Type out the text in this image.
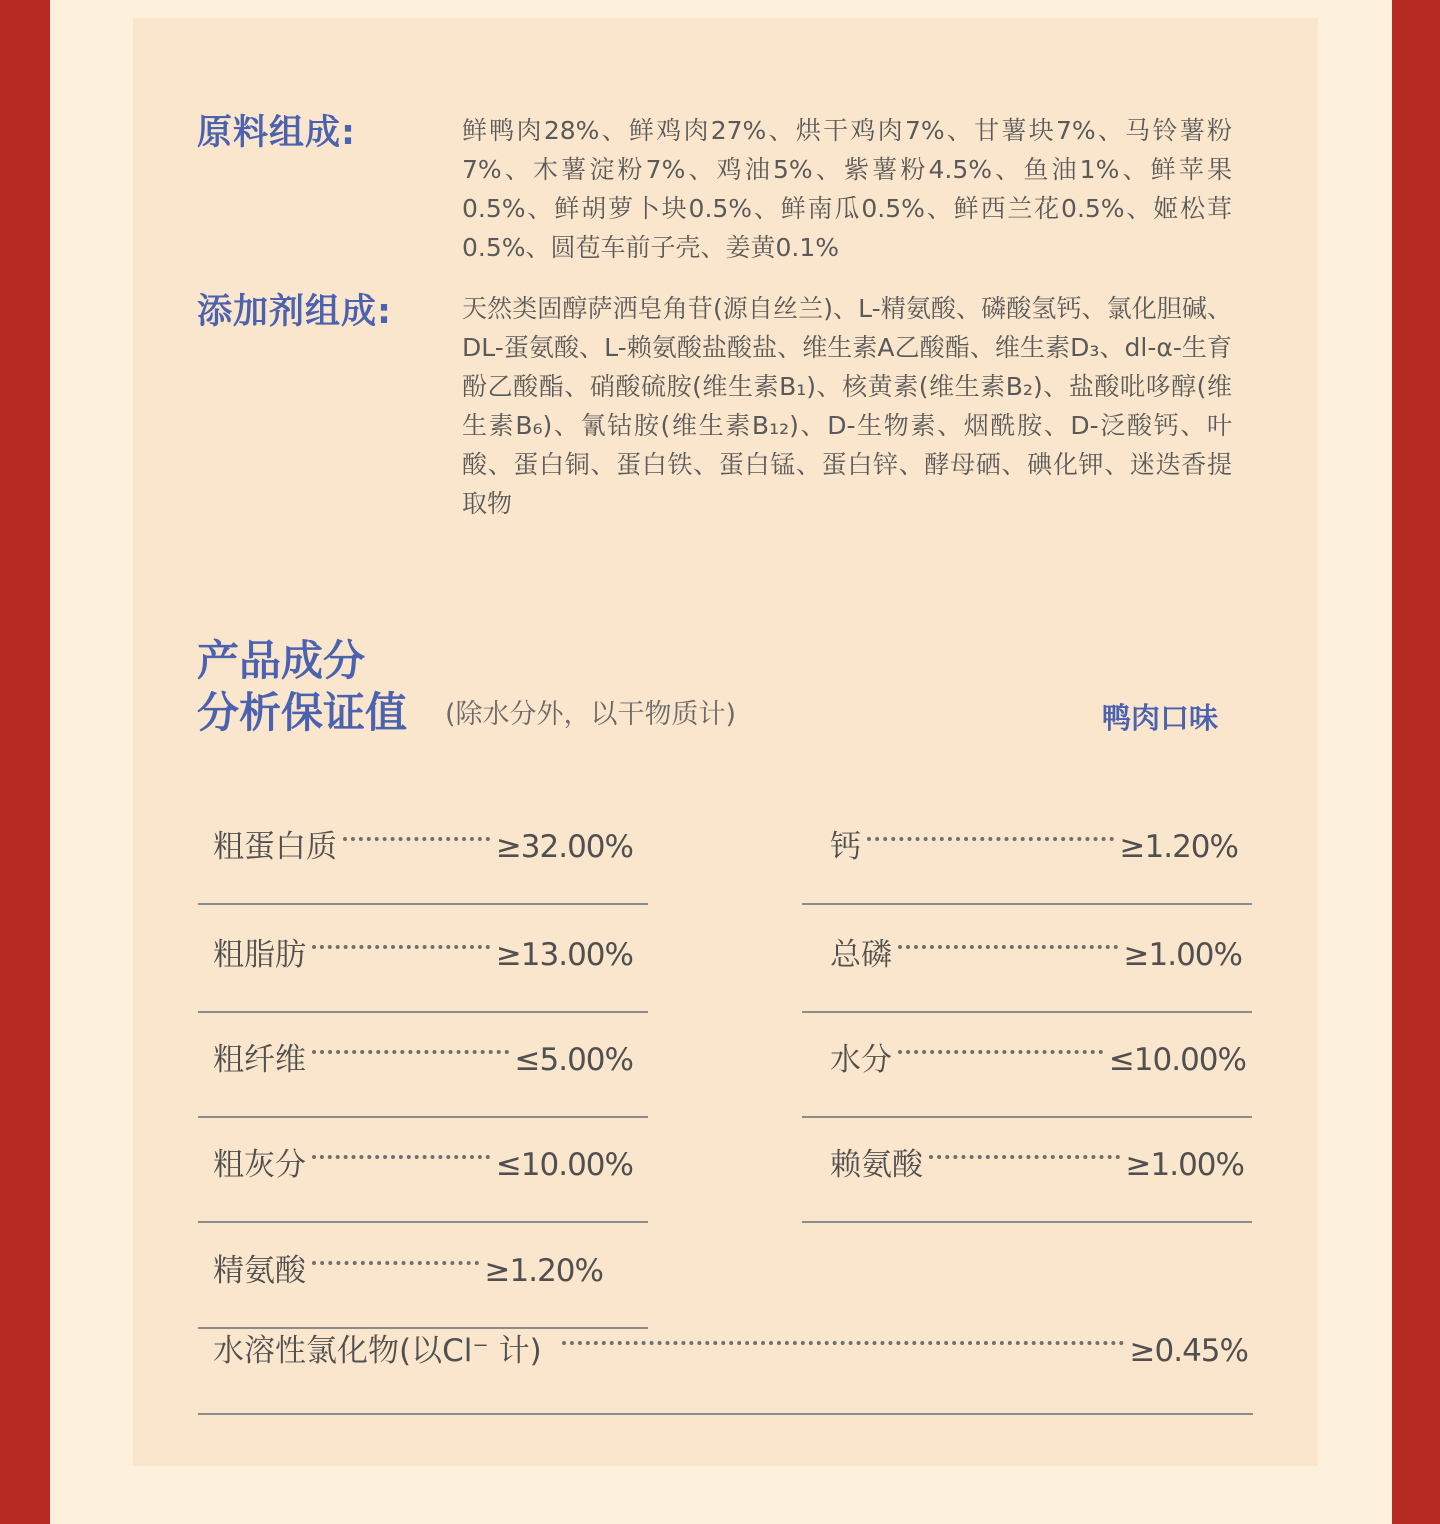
原料组成:	鲜鸭肉28%、鲜鸡肉27%、烘干鸡肉7%、甘薯块7%、马铃薯粉7%、木薯淀粉7%、鸡油5%、紫薯粉4.5%、鱼油1%、鲜苹果0.5%、鲜胡萝卜块0.5%、鲜南瓜0.5%、鲜西兰花0.5%、姬松茸0.5%、圆苞车前子壳、姜黄0.1%
添加剂组成:	天然类固醇萨洒皂角苷(源自丝兰)、L-精氨酸、磷酸氢钙、氯化胆碱、DL-蛋氨酸、L-赖氨酸盐酸盐、维生素A乙酸酯、维生素D₃、dl-α-生育酚乙酸酯、硝酸硫胺(维生素B₁)、核黄素(维生素B₂)、盐酸吡哆醇(维生素B₆)、氰钴胺(维生素B₁₂)、D-生物素、烟酰胺、D-泛酸钙、叶酸、蛋白铜、蛋白铁、蛋白锰、蛋白锌、酵母硒、碘化钾、迷迭香提取物
产品成分
分析保证值 (除水分外，以干物质计)	鸭肉口味
粗蛋白质	≥32.00%
粗脂肪	≥13.00%
粗纤维	≤5.00%
粗灰分	≤10.00%
精氨酸	≥1.20%
钙	≥1.20%
总磷	≥1.00%
水分	≤10.00%
赖氨酸	≥1.00%
水溶性氯化物(以Cl⁻ 计)	≥0.45%
